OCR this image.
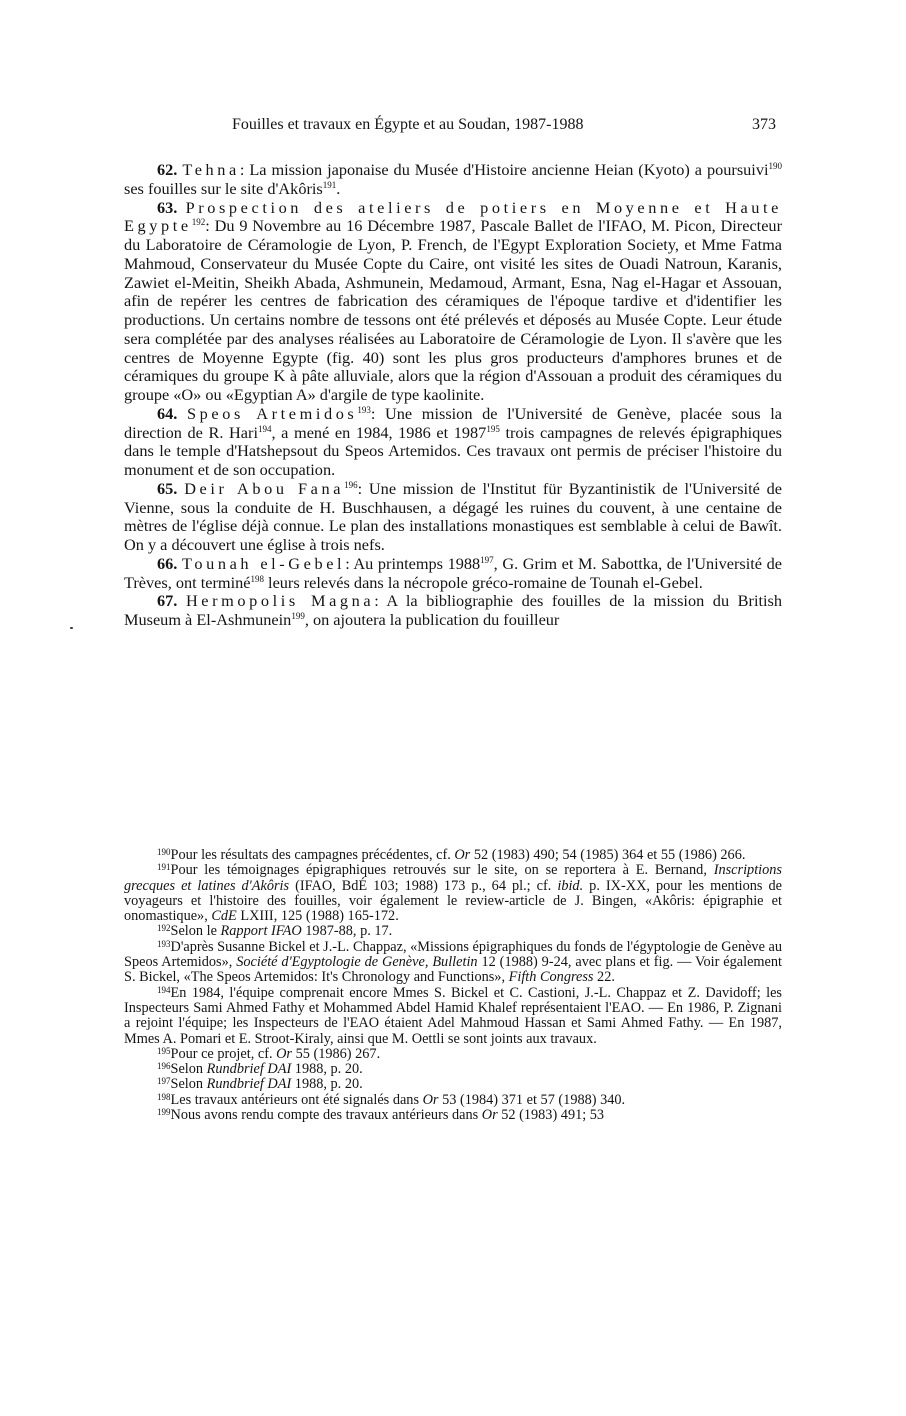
Fouilles et travaux en Égypte et au Soudan, 1987-1988	373

62. Tehna: La mission japonaise du Musée d'Histoire ancienne Heian (Kyoto) a poursuivi$^{190}$ ses fouilles sur le site d'Akôris$^{191}$.

63. Prospection des ateliers de potiers en Moyenne et Haute Egypte$^{192}$: Du 9 Novembre au 16 Décembre 1987, Pascale Ballet de l'IFAO, M. Picon, Directeur du Laboratoire de Céramologie de Lyon, P. French, de l'Egypt Exploration Society, et Mme Fatma Mahmoud, Conservateur du Musée Copte du Caire, ont visité les sites de Ouadi Natroun, Karanis, Zawiet el-Meitin, Sheikh Abada, Ashmunein, Medamoud, Armant, Esna, Nag el-Hagar et Assouan, afin de repérer les centres de fabrication des céramiques de l'époque tardive et d'identifier les productions. Un certains nombre de tessons ont été prélevés et déposés au Musée Copte. Leur étude sera complétée par des analyses réalisées au Laboratoire de Céramologie de Lyon. Il s'avère que les centres de Moyenne Egypte (fig. 40) sont les plus gros producteurs d'amphores brunes et de céramiques du groupe K à pâte alluviale, alors que la région d'Assouan a produit des céramiques du groupe «O» ou «Egyptian A» d'argile de type kaolinite.

64. Speos Artemidos$^{193}$: Une mission de l'Université de Genève, placée sous la direction de R. Hari$^{194}$, a mené en 1984, 1986 et 1987$^{195}$ trois campagnes de relevés épigraphiques dans le temple d'Hatshepsout du Speos Artemidos. Ces travaux ont permis de préciser l'histoire du monument et de son occupation.

65. Deir Abou Fana$^{196}$: Une mission de l'Institut für Byzantinistik de l'Université de Vienne, sous la conduite de H. Buschhausen, a dégagé les ruines du couvent, à une centaine de mètres de l'église déjà connue. Le plan des installations monastiques est semblable à celui de Bawît. On y a découvert une église à trois nefs.

66. Tounah el-Gebel: Au printemps 1988$^{197}$, G. Grim et M. Sabottka, de l'Université de Trèves, ont terminé$^{198}$ leurs relevés dans la nécropole gréco-romaine de Tounah el-Gebel.

67. Hermopolis Magna: A la bibliographie des fouilles de la mission du British Museum à El-Ashmunein$^{199}$, on ajoutera la publication du fouilleur

$^{190}$Pour les résultats des campagnes précédentes, cf. Or 52 (1983) 490; 54 (1985) 364 et 55 (1986) 266.

$^{191}$Pour les témoignages épigraphiques retrouvés sur le site, on se reportera à E. Bernand, Inscriptions grecques et latines d'Akôris (IFAO, BdÉ 103; 1988) 173 p., 64 pl.; cf. ibid. p. IX-XX, pour les mentions de voyageurs et l'histoire des fouilles, voir également le review-article de J. Bingen, «Akôris: épigraphie et onomastique», CdE LXIII, 125 (1988) 165-172.

$^{192}$Selon le Rapport IFAO 1987-88, p. 17.

$^{193}$D'après Susanne Bickel et J.-L. Chappaz, «Missions épigraphiques du fonds de l'égyptologie de Genève au Speos Artemidos», Société d'Egyptologie de Genève, Bulletin 12 (1988) 9-24, avec plans et fig. — Voir également S. Bickel, «The Speos Artemidos: It's Chronology and Functions», Fifth Congress 22.

$^{194}$En 1984, l'équipe comprenait encore Mmes S. Bickel et C. Castioni, J.-L. Chappaz et Z. Davidoff; les Inspecteurs Sami Ahmed Fathy et Mohammed Abdel Hamid Khalef représentaient l'EAO. — En 1986, P. Zignani a rejoint l'équipe; les Inspecteurs de l'EAO étaient Adel Mahmoud Hassan et Sami Ahmed Fathy. — En 1987, Mmes A. Pomari et E. Stroot-Kiraly, ainsi que M. Oettli se sont joints aux travaux.

$^{195}$Pour ce projet, cf. Or 55 (1986) 267.

$^{196}$Selon Rundbrief DAI 1988, p. 20.

$^{197}$Selon Rundbrief DAI 1988, p. 20.

$^{198}$Les travaux antérieurs ont été signalés dans Or 53 (1984) 371 et 57 (1988) 340.

$^{199}$Nous avons rendu compte des travaux antérieurs dans Or 52 (1983) 491; 53
